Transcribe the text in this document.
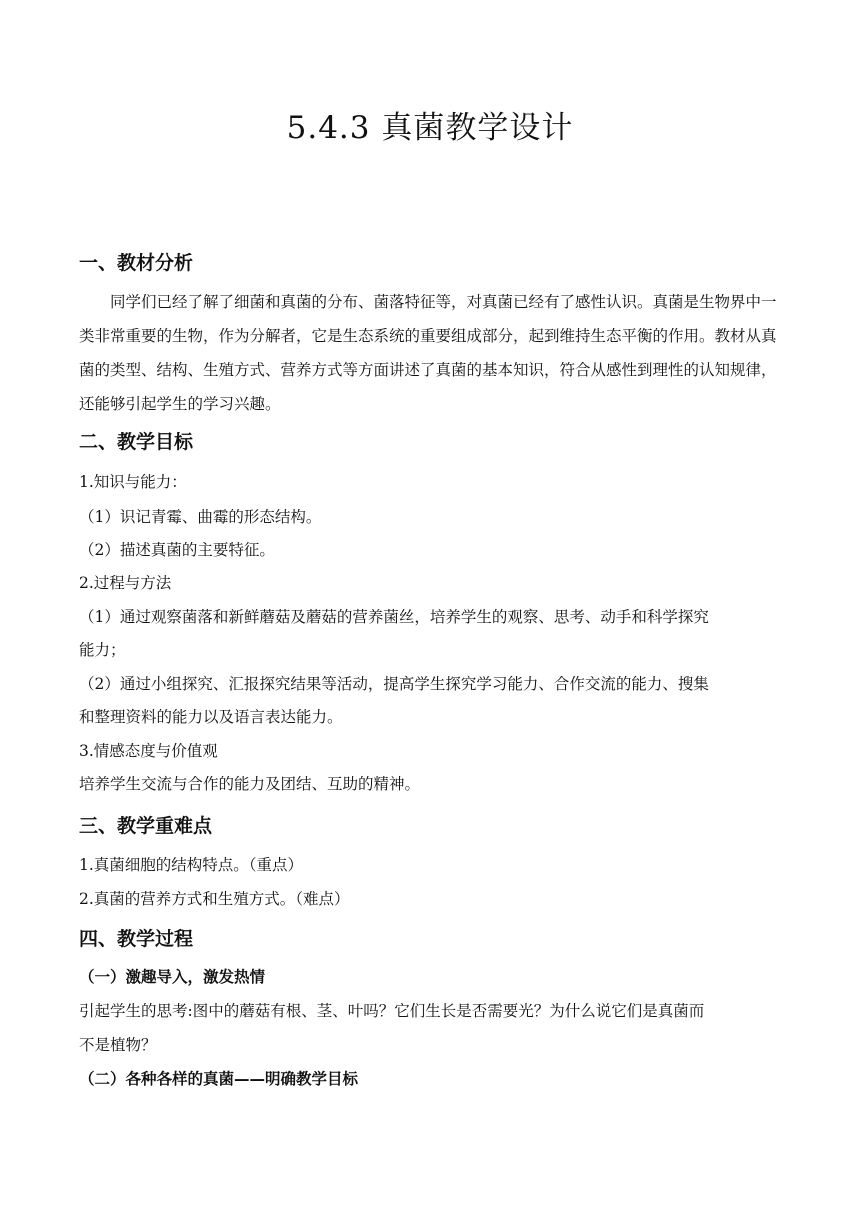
5.4.3 真菌教学设计
一、教材分析
同学们已经了解了细菌和真菌的分布、菌落特征等，对真菌已经有了感性认识。真菌是生物界中一类非常重要的生物，作为分解者，它是生态系统的重要组成部分，起到维持生态平衡的作用。教材从真菌的类型、结构、生殖方式、营养方式等方面讲述了真菌的基本知识，符合从感性到理性的认知规律，还能够引起学生的学习兴趣。
二、教学目标
1.知识与能力：
（1）识记青霉、曲霉的形态结构。
（2）描述真菌的主要特征。
2.过程与方法
（1）通过观察菌落和新鲜蘑菇及蘑菇的营养菌丝，培养学生的观察、思考、动手和科学探究
能力；
（2）通过小组探究、汇报探究结果等活动，提高学生探究学习能力、合作交流的能力、搜集
和整理资料的能力以及语言表达能力。
3.情感态度与价值观
培养学生交流与合作的能力及团结、互助的精神。
三、教学重难点
1.真菌细胞的结构特点。（重点）
2.真菌的营养方式和生殖方式。（难点）
四、教学过程
（一）激趣导入，激发热情
引起学生的思考:图中的蘑菇有根、茎、叶吗？它们生长是否需要光？为什么说它们是真菌而
不是植物？
（二）各种各样的真菌——明确教学目标
